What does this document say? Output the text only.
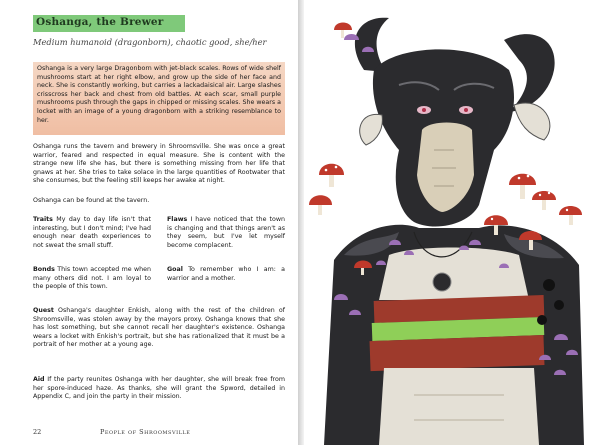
Oshanga, the Brewer
Medium humanoid (dragonborn), chaotic good, she/her
Oshanga is a very large Dragonborn with jet-black scales. Rows of wide shelf mushrooms start at her right elbow, and grow up the side of her face and neck. She is constantly working, but carries a lackadaisical air. Large slashes crisscross her back and chest from old battles. At each scar, small purple mushrooms push through the gaps in chipped or missing scales. She wears a locket with an image of a young dragonborn with a striking resemblance to her.
Oshanga runs the tavern and brewery in Shroomsville. She was once a great warrior, feared and respected in equal measure. She is content with the strange new life she has, but there is something missing from her life that gnaws at her. She tries to take solace in the large quantities of Rootwater that she consumes, but the feeling still keeps her awake at night.
Oshanga can be found at the tavern.
Traits My day to day life isn't that interesting, but I don't mind; I've had enough near death experiences to not sweat the small stuff.
Flaws I have noticed that the town is changing and that things aren't as they seem, but I've let myself become complacent.
Bonds This town accepted me when many others did not. I am loyal to the people of this town.
Goal To remember who I am: a warrior and a mother.
Quest Oshanga's daughter Enkish, along with the rest of the children of Shroomsville, was stolen away by the mayors proxy. Oshanga knows that she has lost something, but she cannot recall her daughter's existence. Oshanga wears a locket with Enkish's portrait, but she has rationalized that it must be a portrait of her mother at a young age.
Aid If the party reunites Oshanga with her daughter, she will break free from her spore-induced haze. As thanks, she will grant the Spword, detailed in Appendix C, and join the party in their mission.
22	People of Shroomsville
